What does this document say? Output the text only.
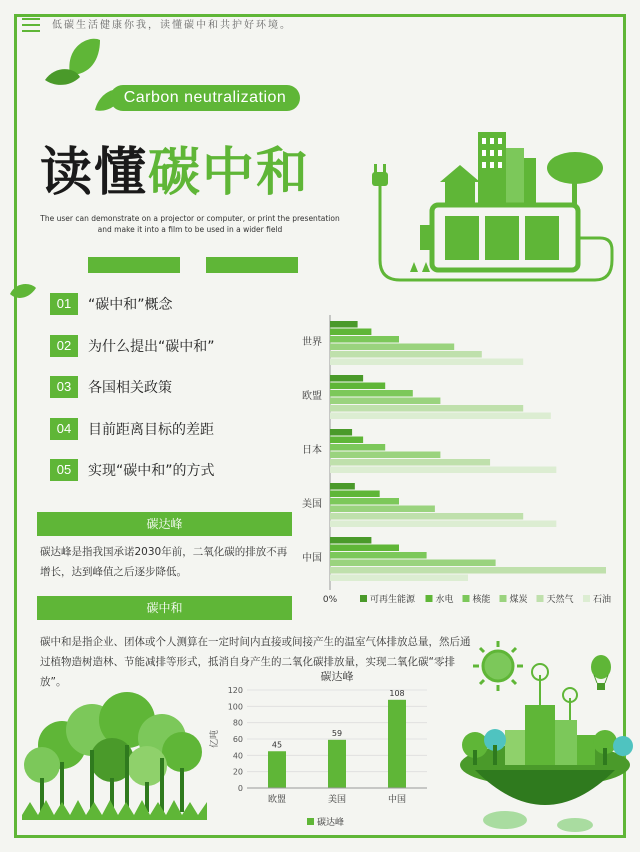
低碳生活健康你我，读懂碳中和共护好环境。
Carbon neutralization
读懂碳中和
The user can demonstrate on a projector or computer, or print the presentation and make it into a film to be used in a wider field
01	“碳中和”概念
02	为什么提出“碳中和”
03	各国相关政策
04	目前距离目标的差距
05	实现“碳中和”的方式
碳达峰
碳达峰是指我国承诺2030年前，二氧化碳的排放不再
增长，达到峰值之后逐步降低。
碳中和
碳中和是指企业、团体或个人测算在一定时间内直接或间接产生的温室气体排放总量，然后通
过植物造树造林、节能减排等形式，抵消自身产生的二氧化碳排放量，实现二氧化碳“零排
放”。
世界
欧盟
日本
美国
中国
0%	可再生能源 水电 核能 煤炭 天然气 石油
碳达峰
0
20
40
60
80
100
120
亿吨	45
欧盟
59
美国
108
中国
碳达峰
